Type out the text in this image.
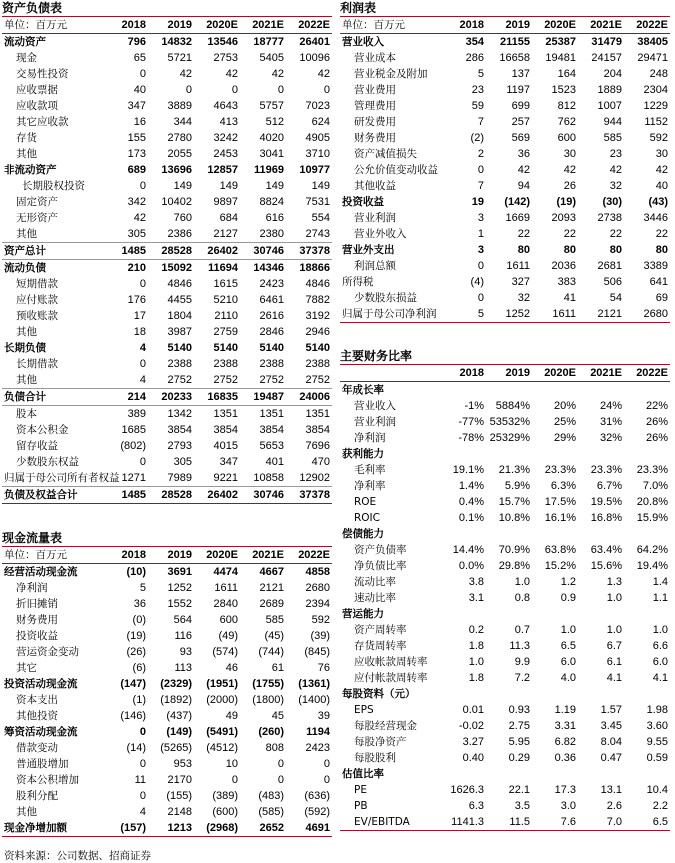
资产负债表
单位：百万元	2018	2019	2020E	2021E	2022E
流动资产	796	14832	13546	18777	26401
现金	65	5721	2753	5405	10096
交易性投资	0	42	42	42	42
应收票据	40	0	0	0	0
应收款项	347	3889	4643	5757	7023
其它应收款	16	344	413	512	624
存货	155	2780	3242	4020	4905
其他	173	2055	2453	3041	3710
非流动资产	689	13696	12857	11969	10977
长期股权投资	0	149	149	149	149
固定资产	342	10402	9897	8824	7531
无形资产	42	760	684	616	554
其他	305	2386	2127	2380	2743
资产总计	1485	28528	26402	30746	37378
流动负债	210	15092	11694	14346	18866
短期借款	0	4846	1615	2423	4846
应付账款	176	4455	5210	6461	7882
预收账款	17	1804	2110	2616	3192
其他	18	3987	2759	2846	2946
长期负债	4	5140	5140	5140	5140
长期借款	0	2388	2388	2388	2388
其他	4	2752	2752	2752	2752
负债合计	214	20233	16835	19487	24006
股本	389	1342	1351	1351	1351
资本公积金	1685	3854	3854	3854	3854
留存收益	(802)	2793	4015	5653	7696
少数股东权益	0	305	347	401	470
归属于母公司所有者权益	1271	7989	9221	10858	12902
负债及权益合计	1485	28528	26402	30746	37378
现金流量表
单位：百万元	2018	2019	2020E	2021E	2022E
经营活动现金流	(10)	3691	4474	4667	4858
净利润	5	1252	1611	2121	2680
折旧摊销	36	1552	2840	2689	2394
财务费用	(0)	564	600	585	592
投资收益	(19)	116	(49)	(45)	(39)
营运资金变动	(26)	93	(574)	(744)	(845)
其它	(6)	113	46	61	76
投资活动现金流	(147)	(2329)	(1951)	(1755)	(1361)
资本支出	(1)	(1892)	(2000)	(1800)	(1400)
其他投资	(146)	(437)	49	45	39
筹资活动现金流	0	(149)	(5491)	(260)	1194
借款变动	(14)	(5265)	(4512)	808	2423
普通股增加	0	953	10	0	0
资本公积增加	11	2170	0	0	0
股利分配	0	(155)	(389)	(483)	(636)
其他	4	2148	(600)	(585)	(592)
现金净增加额	(157)	1213	(2968)	2652	4691
利润表
单位：百万元	2018	2019	2020E	2021E	2022E
营业收入	354	21155	25387	31479	38405
营业成本	286	16658	19481	24157	29471
营业税金及附加	5	137	164	204	248
营业费用	23	1197	1523	1889	2304
管理费用	59	699	812	1007	1229
研发费用	7	257	762	944	1152
财务费用	(2)	569	600	585	592
资产减值损失	2	36	30	23	30
公允价值变动收益	0	42	42	42	42
其他收益	7	94	26	32	40
投资收益	19	(142)	(19)	(30)	(43)
营业利润	3	1669	2093	2738	3446
营业外收入	1	22	22	22	22
营业外支出	3	80	80	80	80
利润总额	0	1611	2036	2681	3389
所得税	(4)	327	383	506	641
少数股东损益	0	32	41	54	69
归属于母公司净利润	5	1252	1611	2121	2680
主要财务比率
	2018	2019	2020E	2021E	2022E
年成长率					
营业收入	-1%	5884%	20%	24%	22%
营业利润	-77%	53532%	25%	31%	26%
净利润	-78%	25329%	29%	32%	26%
获利能力					
毛利率	19.1%	21.3%	23.3%	23.3%	23.3%
净利率	1.4%	5.9%	6.3%	6.7%	7.0%
ROE	0.4%	15.7%	17.5%	19.5%	20.8%
ROIC	0.1%	10.8%	16.1%	16.8%	15.9%
偿债能力					
资产负债率	14.4%	70.9%	63.8%	63.4%	64.2%
净负债比率	0.0%	29.8%	15.2%	15.6%	19.4%
流动比率	3.8	1.0	1.2	1.3	1.4
速动比率	3.1	0.8	0.9	1.0	1.1
营运能力					
资产周转率	0.2	0.7	1.0	1.0	1.0
存货周转率	1.8	11.3	6.5	6.7	6.6
应收帐款周转率	1.0	9.9	6.0	6.1	6.0
应付帐款周转率	1.8	7.2	4.0	4.1	4.1
每股资料（元）					
EPS	0.01	0.93	1.19	1.57	1.98
每股经营现金	-0.02	2.75	3.31	3.45	3.60
每股净资产	3.27	5.95	6.82	8.04	9.55
每股股利	0.40	0.29	0.36	0.47	0.59
估值比率					
PE	1626.3	22.1	17.3	13.1	10.4
PB	6.3	3.5	3.0	2.6	2.2
EV/EBITDA	1141.3	11.5	7.6	7.0	6.5
资料来源：公司数据、招商证券
